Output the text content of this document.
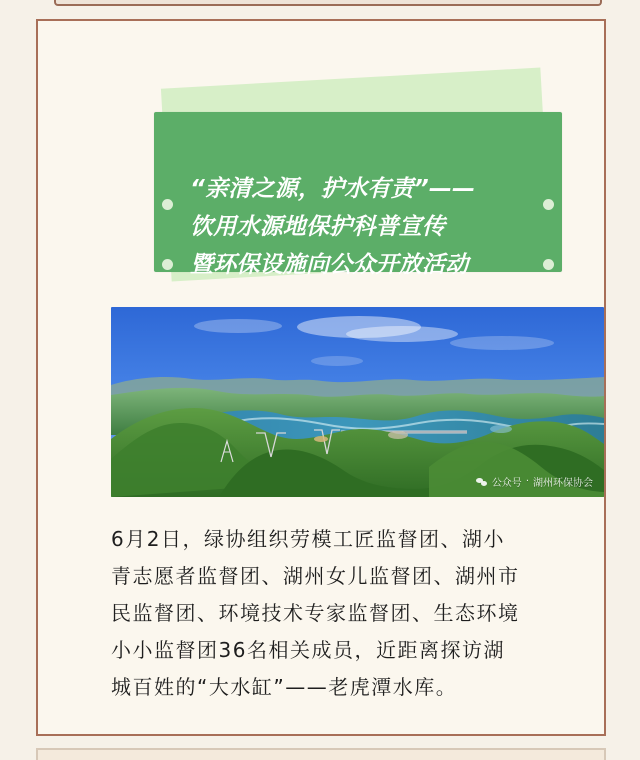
“亲清之源，护水有责”——
饮用水源地保护科普宣传
暨环保设施向公众开放活动
公众号 · 湖州环保协会
6月2日，绿协组织劳模工匠监督团、湖小
青志愿者监督团、湖州女儿监督团、湖州市
民监督团、环境技术专家监督团、生态环境
小小监督团36名相关成员，近距离探访湖
城百姓的“大水缸”——老虎潭水库。
